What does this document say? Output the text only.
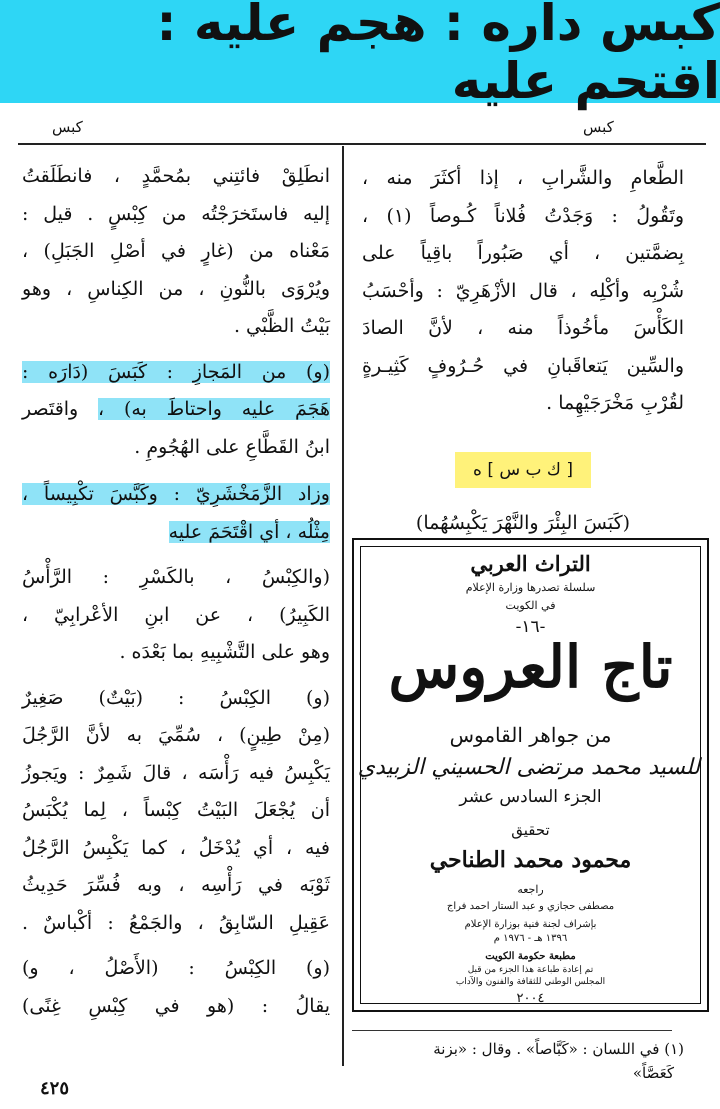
كبس داره : هجم عليه : اقتحم عليه
كبس	كبس
الطَّعامِ والشَّرابِ ، إذا أكثَرَ منه ،
وتَقُولُ : وَجَدْتُ فُلاناً كُـوصاً (١) ،
بِضمَّتين ، أي صَبُوراً باقِياً على
شُرْبِه وأكْلِه ، قال الأزْهَرِيّ : وأحْسَبُ
الكَأْسَ مأخُوذاً منه ، لأنَّ الصادَ
والسِّين يَتعاقَبانِ في حُـرُوفٍ كَثِيـرةٍ
لقُرْبِ مَخْرَجَيْهِما .
[ ك ب س ] ه
(كَبَسَ البِئْرَ والنَّهْرَ يَكْبِسُهُما)
التراث العربي
سلسلة تصدرها وزارة الإعلام
في الكويت
-١٦-
تاج العروس
من جواهر القاموس
للسيد محمد مرتضى الحسيني الزبيدي
الجزء السادس عشر
تحقيق
محمود محمد الطناحي
راجعه
مصطفى حجازي و عبد الستار احمد فراج
بإشراف لجنة فنية بوزارة الإعلام
١٣٩٦ هـ - ١٩٧٦ م
مطبعة حكومة الكويت
تم إعادة طباعة هذا الجزء من قبل
المجلس الوطني للثقافة والفنون والآداب
٢٠٠٤
(١) في اللسان : «كَبَّاصاً» . وقال : «بزنة
كَعَصَّاً»
انطَلِقْ فائتِني بمُحمَّدٍ ، فانطَلَقتُ
إليه فاستَخرَجْتُه من كِبْسٍ . قيل :
مَعْناه من (غارٍ في أصْلِ الجَبَلِ) ،
ويُرْوَى بالنُّونِ ، من الكِناسِ ، وهو
بَيْتُ الظَّبْي .
(و) من المَجازِ : كَبَسَ (دَارَه :
هَجَمَ عليه واحتاطَ به) ، واقتَصر
ابنُ القَطَّاعِ على الهُجُومِ .
وزاد الزَّمَخْشَرِيّ : وكَبَّسَ تكْبِيساً ،
مِثْلُه ، أي اقْتَحَمَ عليه
(والكِبْسُ ، بالكَسْرِ : الرَّأْسُ
الكَبِيرُ) ، عن ابنِ الأعْرابِيّ ،
وهو على التَّشْبِيهِ بما بَعْدَه .
(و) الكِبْسُ : (بَيْتٌ) صَغِيرٌ
(مِنْ طِينٍ) ، سُمِّيَ به لأنَّ الرَّجُلَ
يَكْبِسُ فيه رَأْسَه ، قالَ شَمِرٌ : ويَجوزُ
أن يُجْعَلَ البَيْتُ كِبْساً ، لِما يُكْبَسُ
فيه ، أي يُدْخَلُ ، كما يَكْبِسُ الرَّجُلُ
ثَوْبَه في رَأْسِه ، وبه فُسِّرَ حَدِيثُ
عَقِيلِ السّابِقُ ، والجَمْعُ : أكْباسٌ .
(و) الكِبْسُ : (الأَصْلُ ، و)
يقالُ : (هو في كِبْسِ غِنًى)
٤٢٥
